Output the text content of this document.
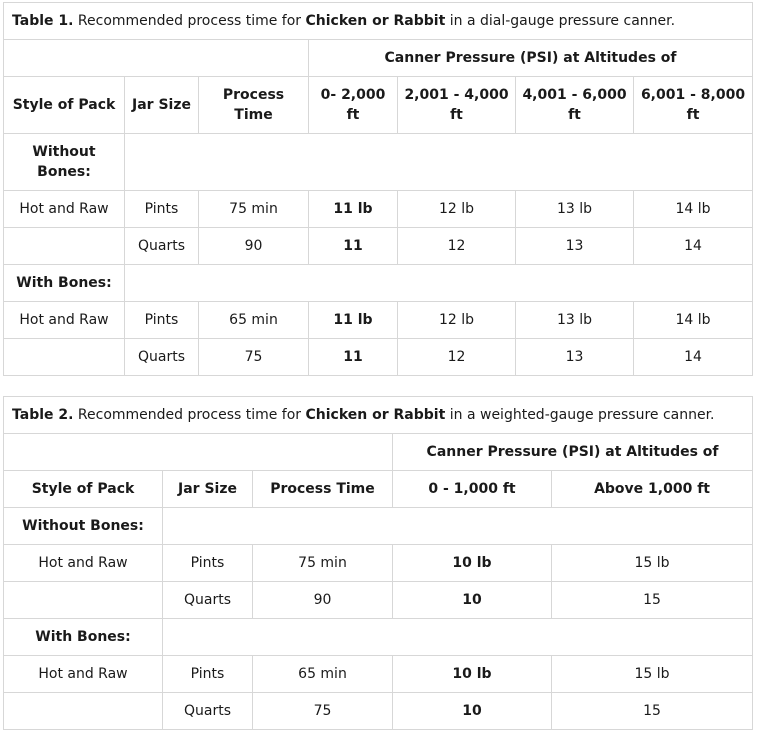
Table 1. Recommended process time for Chicken or Rabbit in a dial-gauge pressure canner.						
			Canner Pressure (PSI) at Altitudes of			
Style of Pack	Jar Size	Process Time	0- 2,000 ft	2,001 - 4,000 ft	4,001 - 6,000 ft	6,001 - 8,000 ft
Without Bones:						
Hot and Raw	Pints	75 min	11 lb	12 lb	13 lb	14 lb
	Quarts	90	11	12	13	14
With Bones:						
Hot and Raw	Pints	65 min	11 lb	12 lb	13 lb	14 lb
	Quarts	75	11	12	13	14
Table 2. Recommended process time for Chicken or Rabbit in a weighted-gauge pressure canner.				
			Canner Pressure (PSI) at Altitudes of	
Style of Pack	Jar Size	Process Time	0 - 1,000 ft	Above 1,000 ft
Without Bones:				
Hot and Raw	Pints	75 min	10 lb	15 lb
	Quarts	90	10	15
With Bones:				
Hot and Raw	Pints	65 min	10 lb	15 lb
	Quarts	75	10	15
